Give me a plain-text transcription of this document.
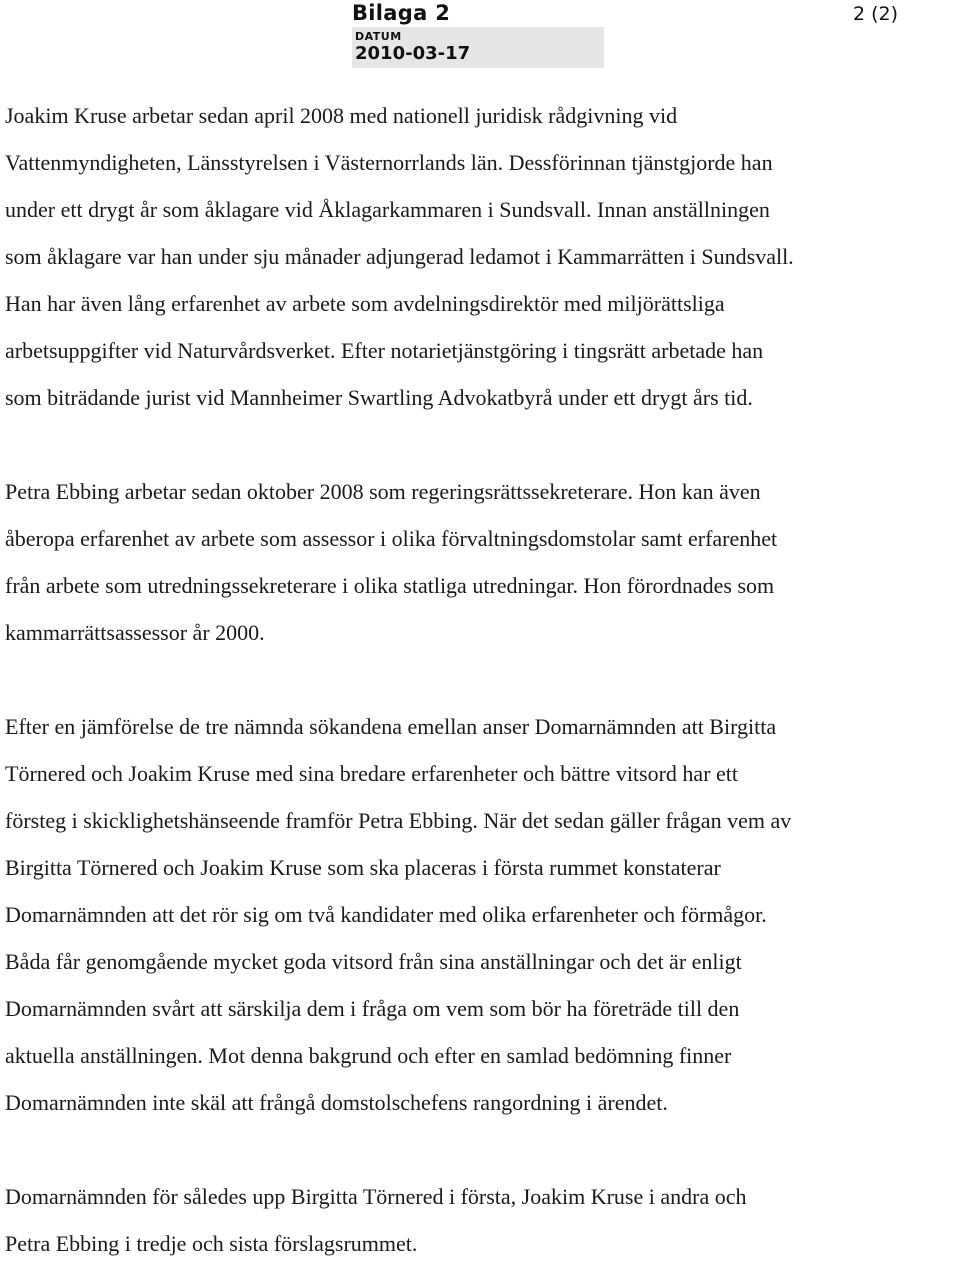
Bilaga 2	2 (2)
DATUM
2010-03-17

Joakim Kruse arbetar sedan april 2008 med nationell juridisk rådgivning vid

Vattenmyndigheten, Länsstyrelsen i Västernorrlands län. Dessförinnan tjänstgjorde han

under ett drygt år som åklagare vid Åklagarkammaren i Sundsvall. Innan anställningen

som åklagare var han under sju månader adjungerad ledamot i Kammarrätten i Sundsvall.

Han har även lång erfarenhet av arbete som avdelningsdirektör med miljörättsliga

arbetsuppgifter vid Naturvårdsverket. Efter notarietjänstgöring i tingsrätt arbetade han

som biträdande jurist vid Mannheimer Swartling Advokatbyrå under ett drygt års tid.

Petra Ebbing arbetar sedan oktober 2008 som regeringsrättssekreterare. Hon kan även

åberopa erfarenhet av arbete som assessor i olika förvaltningsdomstolar samt erfarenhet

från arbete som utredningssekreterare i olika statliga utredningar. Hon förordnades som

kammarrättsassessor år 2000.

Efter en jämförelse de tre nämnda sökandena emellan anser Domarnämnden att Birgitta

Törnered och Joakim Kruse med sina bredare erfarenheter och bättre vitsord har ett

försteg i skicklighetshänseende framför Petra Ebbing. När det sedan gäller frågan vem av

Birgitta Törnered och Joakim Kruse som ska placeras i första rummet konstaterar

Domarnämnden att det rör sig om två kandidater med olika erfarenheter och förmågor.

Båda får genomgående mycket goda vitsord från sina anställningar och det är enligt

Domarnämnden svårt att särskilja dem i fråga om vem som bör ha företräde till den

aktuella anställningen. Mot denna bakgrund och efter en samlad bedömning finner

Domarnämnden inte skäl att frångå domstolschefens rangordning i ärendet.

Domarnämnden för således upp Birgitta Törnered i första, Joakim Kruse i andra och

Petra Ebbing i tredje och sista förslagsrummet.
